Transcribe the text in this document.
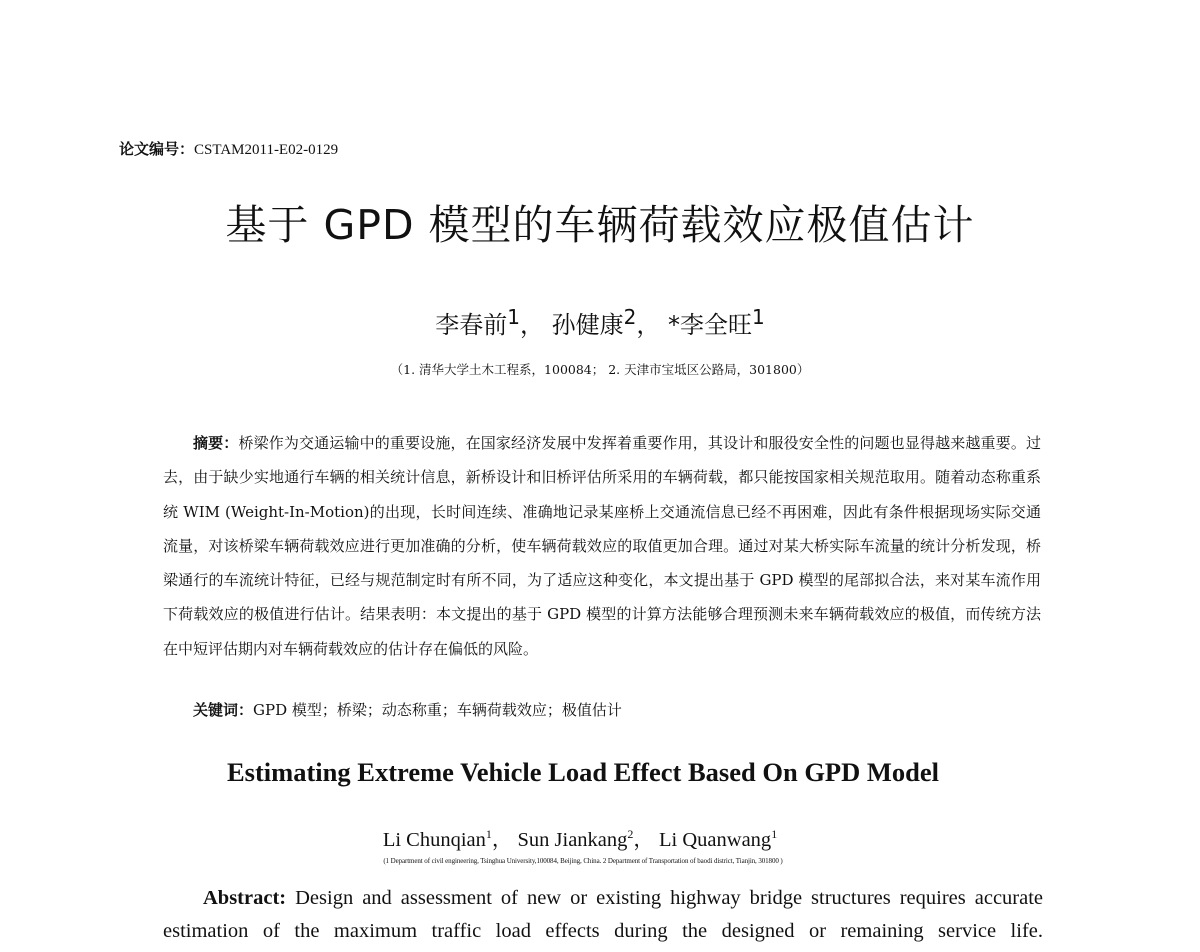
论文编号：CSTAM2011-E02-0129
基于 GPD 模型的车辆荷载效应极值估计
李春前$^1$， 孙健康$^2$， *李全旺$^1$
（1. 清华大学土木工程系，100084； 2. 天津市宝坻区公路局，301800）
摘要：桥梁作为交通运输中的重要设施，在国家经济发展中发挥着重要作用，其设计和服役安全性的问题也显得越来越重要。过去，由于缺少实地通行车辆的相关统计信息，新桥设计和旧桥评估所采用的车辆荷载，都只能按国家相关规范取用。随着动态称重系统 WIM (Weight-In-Motion)的出现，长时间连续、准确地记录某座桥上交通流信息已经不再困难，因此有条件根据现场实际交通流量，对该桥梁车辆荷载效应进行更加准确的分析，使车辆荷载效应的取值更加合理。通过对某大桥实际车流量的统计分析发现，桥梁通行的车流统计特征，已经与规范制定时有所不同，为了适应这种变化，本文提出基于 GPD 模型的尾部拟合法，来对某车流作用下荷载效应的极值进行估计。结果表明：本文提出的基于 GPD 模型的计算方法能够合理预测未来车辆荷载效应的极值，而传统方法在中短评估期内对车辆荷载效应的估计存在偏低的风险。
关键词：GPD 模型；桥梁；动态称重；车辆荷载效应；极值估计
Estimating Extreme Vehicle Load Effect Based On GPD Model
Li Chunqian$^1$， Sun Jiankang$^2$， Li Quanwang$^1$
(1 Department of civil engineering, Tsinghua University,100084, Beijing, China. 2 Department of Transportation of baodi district, Tianjin, 301800 )
Abstract: Design and assessment of new or existing highway bridge structures requires accurate estimation of the maximum traffic load effects during the designed or remaining service life.
